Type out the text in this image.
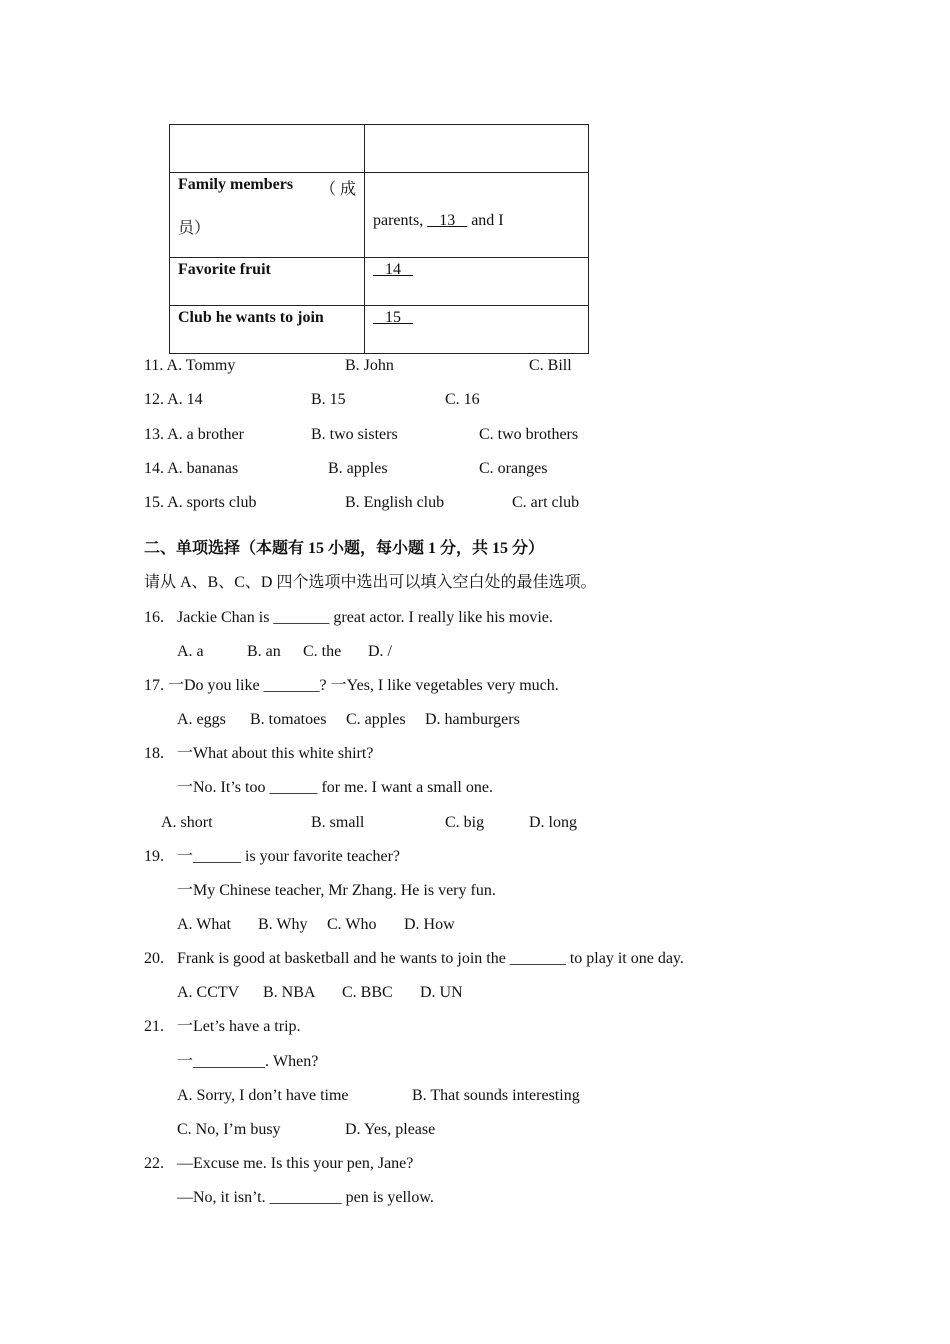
Family members （ 成
员）	parents,    13    and I

Favorite fruit	14

Club he wants to join	15
11. A. Tommy	B. John	C. Bill
12. A. 14	B. 15	C. 16
13. A. a brother	B. two sisters	C. two brothers
14. A. bananas	B. apples	C. oranges
15. A. sports club	B. English club	C. art club
二、单项选择（本题有 15 小题，每小题 1 分，共 15 分）
请从 A、B、C、D 四个选项中选出可以填入空白处的最佳选项。
16. Jackie Chan is _______ great actor. I really like his movie.
A. a	B. an C. the D. /
17. 一Do you like _______? 一Yes, I like vegetables very much.
A. eggs B. tomatoes C. apples D. hamburgers
18. 一What about this white shirt?
一No. It’s too ______ for me. I want a small one.
A. short	B. small	C. big	D. long
19. 一______ is your favorite teacher?
一My Chinese teacher, Mr Zhang. He is very fun.
A. What B. Why C. Who D. How
20. Frank is good at basketball and he wants to join the _______ to play it one day.
A. CCTV B. NBA C. BBC D. UN
21. 一Let’s have a trip.
一_________. When?
A. Sorry, I don’t have time	B. That sounds interesting
C. No, I’m busy	D. Yes, please
22. —Excuse me. Is this your pen, Jane?
—No, it isn’t. _________ pen is yellow.
